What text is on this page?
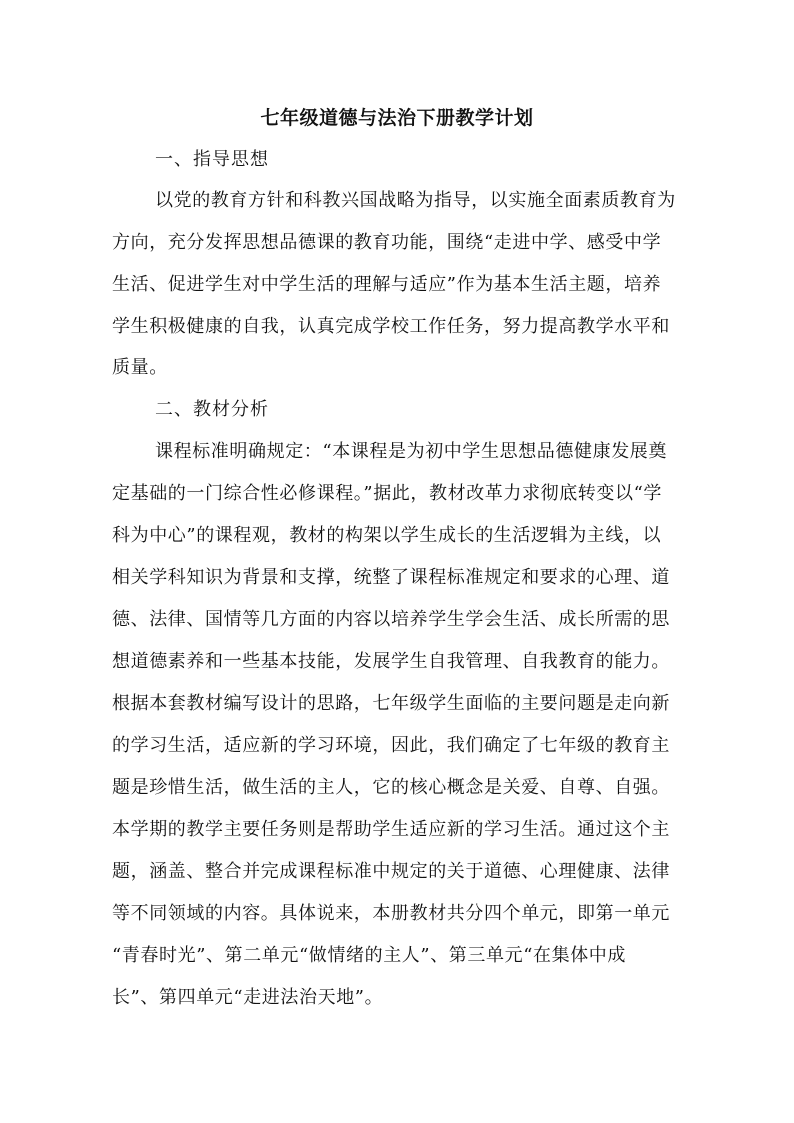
七年级道德与法治下册教学计划
一、指导思想
以党的教育方针和科教兴国战略为指导，以实施全面素质教育为
方向，充分发挥思想品德课的教育功能，围绕“走进中学、感受中学
生活、促进学生对中学生活的理解与适应”作为基本生活主题，培养
学生积极健康的自我，认真完成学校工作任务，努力提高教学水平和
质量。
二、教材分析
课程标准明确规定：“本课程是为初中学生思想品德健康发展奠
定基础的一门综合性必修课程。”据此，教材改革力求彻底转变以“学
科为中心”的课程观，教材的构架以学生成长的生活逻辑为主线，以
相关学科知识为背景和支撑，统整了课程标准规定和要求的心理、道
德、法律、国情等几方面的内容以培养学生学会生活、成长所需的思
想道德素养和一些基本技能，发展学生自我管理、自我教育的能力。
根据本套教材编写设计的思路，七年级学生面临的主要问题是走向新
的学习生活，适应新的学习环境，因此，我们确定了七年级的教育主
题是珍惜生活，做生活的主人，它的核心概念是关爱、自尊、自强。
本学期的教学主要任务则是帮助学生适应新的学习生活。通过这个主
题，涵盖、整合并完成课程标准中规定的关于道德、心理健康、法律
等不同领域的内容。具体说来，本册教材共分四个单元，即第一单元
“青春时光”、第二单元“做情绪的主人”、第三单元“在集体中成
长”、第四单元“走进法治天地”。
